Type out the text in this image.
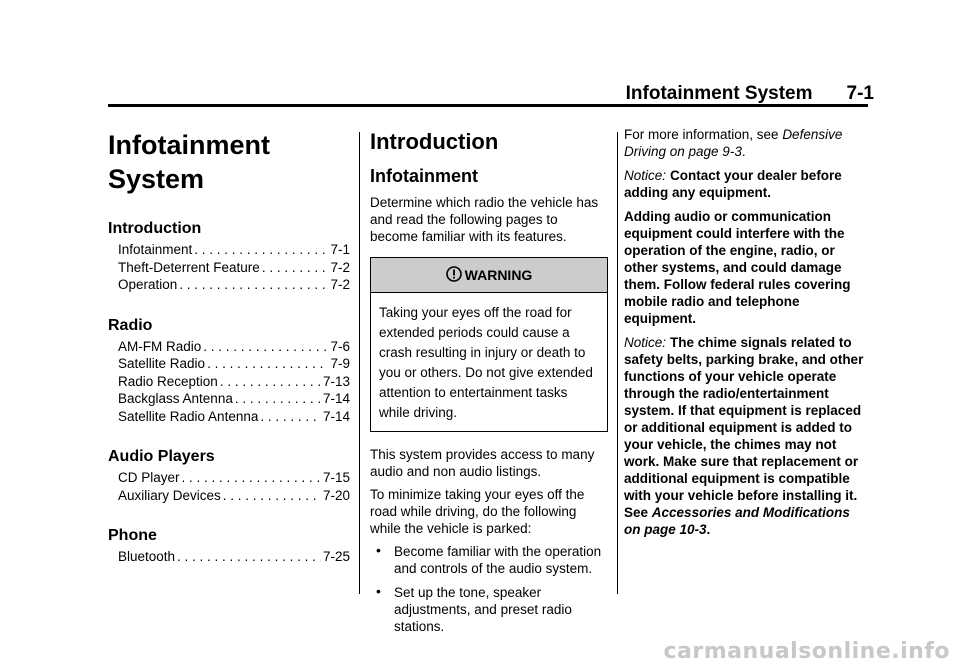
Infotainment System 7-1
Infotainment
System
Introduction
Infotainment . . .	7-1
Theft-Deterrent Feature . . .	7-2
Operation . . .	7-2
Radio
AM-FM Radio . . .	7-6
Satellite Radio . . .	7-9
Radio Reception . . .	7-13
Backglass Antenna . . .	7-14
Satellite Radio Antenna . . .	7-14
Audio Players
CD Player . . .	7-15
Auxiliary Devices . . .	7-20
Phone
Bluetooth . . .	7-25
Introduction
Infotainment

Determine which radio the vehicle has and read the following pages to become familiar with its features.

WARNING
Taking your eyes off the road for extended periods could cause a crash resulting in injury or death to you or others. Do not give extended attention to entertainment tasks while driving.

This system provides access to many audio and non audio listings.

To minimize taking your eyes off the road while driving, do the following while the vehicle is parked:

• Become familiar with the operation and controls of the audio system.
• Set up the tone, speaker adjustments, and preset radio stations.

For more information, see Defensive Driving on page 9-3.

Notice: Contact your dealer before adding any equipment.

Adding audio or communication equipment could interfere with the operation of the engine, radio, or other systems, and could damage them. Follow federal rules covering mobile radio and telephone equipment.

Notice: The chime signals related to safety belts, parking brake, and other functions of your vehicle operate through the radio/entertainment system. If that equipment is replaced or additional equipment is added to your vehicle, the chimes may not work. Make sure that replacement or additional equipment is compatible with your vehicle before installing it. See Accessories and Modifications on page 10-3.

carmanualsonline.info
